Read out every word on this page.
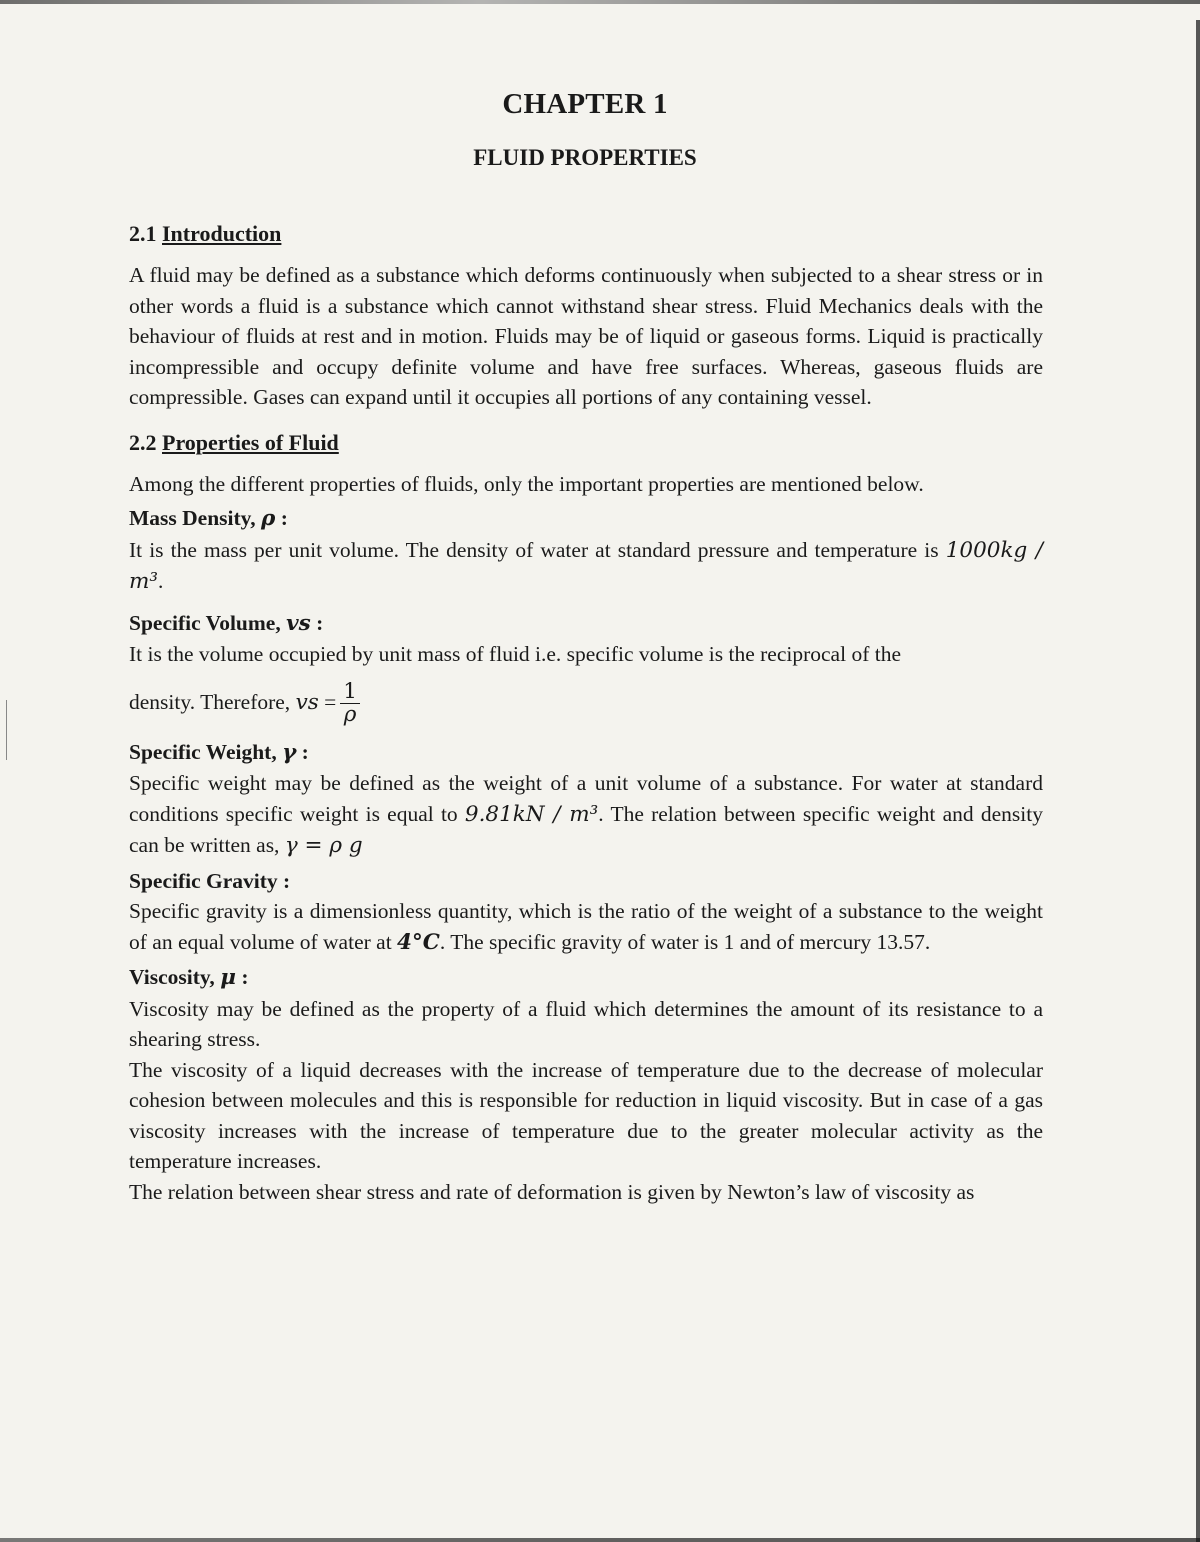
CHAPTER 1
FLUID PROPERTIES
2.1 Introduction

A fluid may be defined as a substance which deforms continuously when subjected to a shear stress or in other words a fluid is a substance which cannot withstand shear stress. Fluid Mechanics deals with the behaviour of fluids at rest and in motion. Fluids may be of liquid or gaseous forms. Liquid is practically incompressible and occupy definite volume and have free surfaces. Whereas, gaseous fluids are compressible. Gases can expand until it occupies all portions of any containing vessel.

2.2 Properties of Fluid

Among the different properties of fluids, only the important properties are mentioned below.

Mass Density, ρ :

It is the mass per unit volume. The density of water at standard pressure and temperature is 1000kg / m³.

Specific Volume, vs :

It is the volume occupied by unit mass of fluid i.e. specific volume is the reciprocal of the

density. Therefore, vs = $\frac{1}{\rho}$

Specific Weight, γ :

Specific weight may be defined as the weight of a unit volume of a substance. For water at standard conditions specific weight is equal to 9.81kN / m³. The relation between specific weight and density can be written as, γ = ρ g

Specific Gravity :

Specific gravity is a dimensionless quantity, which is the ratio of the weight of a substance to the weight of an equal volume of water at 4°C. The specific gravity of water is 1 and of mercury 13.57.

Viscosity, μ :

Viscosity may be defined as the property of a fluid which determines the amount of its resistance to a shearing stress.

The viscosity of a liquid decreases with the increase of temperature due to the decrease of molecular cohesion between molecules and this is responsible for reduction in liquid viscosity. But in case of a gas viscosity increases with the increase of temperature due to the greater molecular activity as the temperature increases.

The relation between shear stress and rate of deformation is given by Newton’s law of viscosity as
